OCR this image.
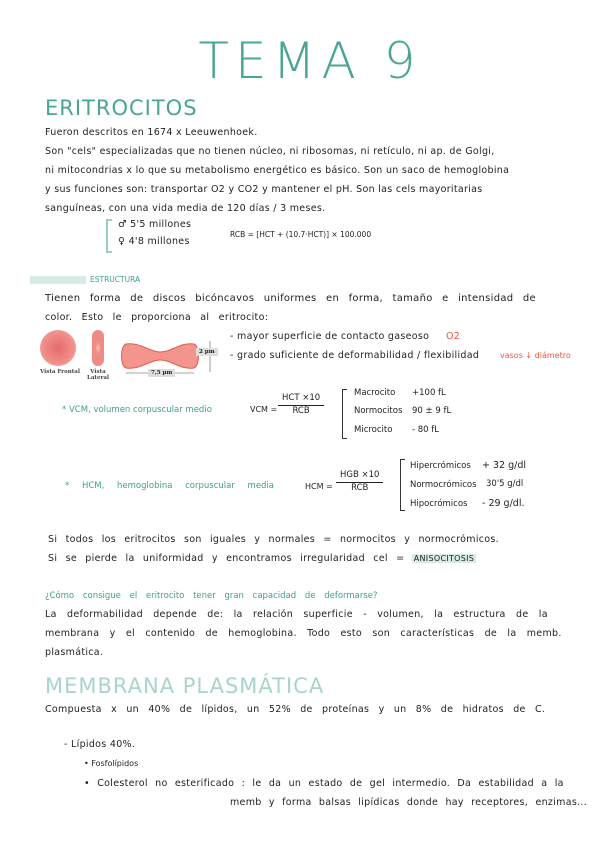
TEMA 9
ERITROCITOS
Fueron descritos en 1674 x Leeuwenhoek.
Son "cels" especializadas que no tienen núcleo, ni ribosomas, ni retículo, ni ap. de Golgi,
ni mitocondrias x lo que su metabolismo energético es básico. Son un saco de hemoglobina
y sus funciones son: transportar O2 y CO2 y mantener el pH. Son las cels mayoritarias
sanguíneas, con una vida media de 120 días / 3 meses.
♂ 5'5 millones
♀ 4'8 millones
RCB = [HCT + (10.7·HCT)] × 100.000
ESTRUCTURA
Tienen forma de discos bicóncavos uniformes en forma, tamaño e intensidad de
color. Esto le proporciona al eritrocito:
Vista Frontal	Vista Lateral
2 µm
7,5 µm
- mayor superficie de contacto gaseoso O2
- grado suficiente de deformabilidad / flexibilidad	vasos ↓ diámetro
* VCM, volumen corpuscular medio	VCM =
HCT ×10
RCB
Macrocito +100 fL
Normocitos 90 ± 9 fL
Microcito - 80 fL
* HCM, hemoglobina corpuscular media	HCM =
HGB ×10
RCB
Hipercrómicos + 32 g/dl
Normocrómicos 30'5 g/dl
Hipocrómicos - 29 g/dl.
Si todos los eritrocitos son iguales y normales = normocitos y normocrómicos.
Si se pierde la uniformidad y encontramos irregularidad cel = ANISOCITOSIS
¿Cómo consigue el eritrocito tener gran capacidad de deformarse?
La deformabilidad depende de: la relación superficie - volumen, la estructura de la
membrana y el contenido de hemoglobina. Todo esto son características de la memb.
plasmática.
MEMBRANA PLASMÁTICA
Compuesta x un 40% de lípidos, un 52% de proteínas y un 8% de hidratos de C.
- Lípidos 40%.
• Fosfolípidos
• Colesterol no esterificado : le da un estado de gel intermedio. Da estabilidad a la
memb y forma balsas lipídicas donde hay receptores, enzimas...
